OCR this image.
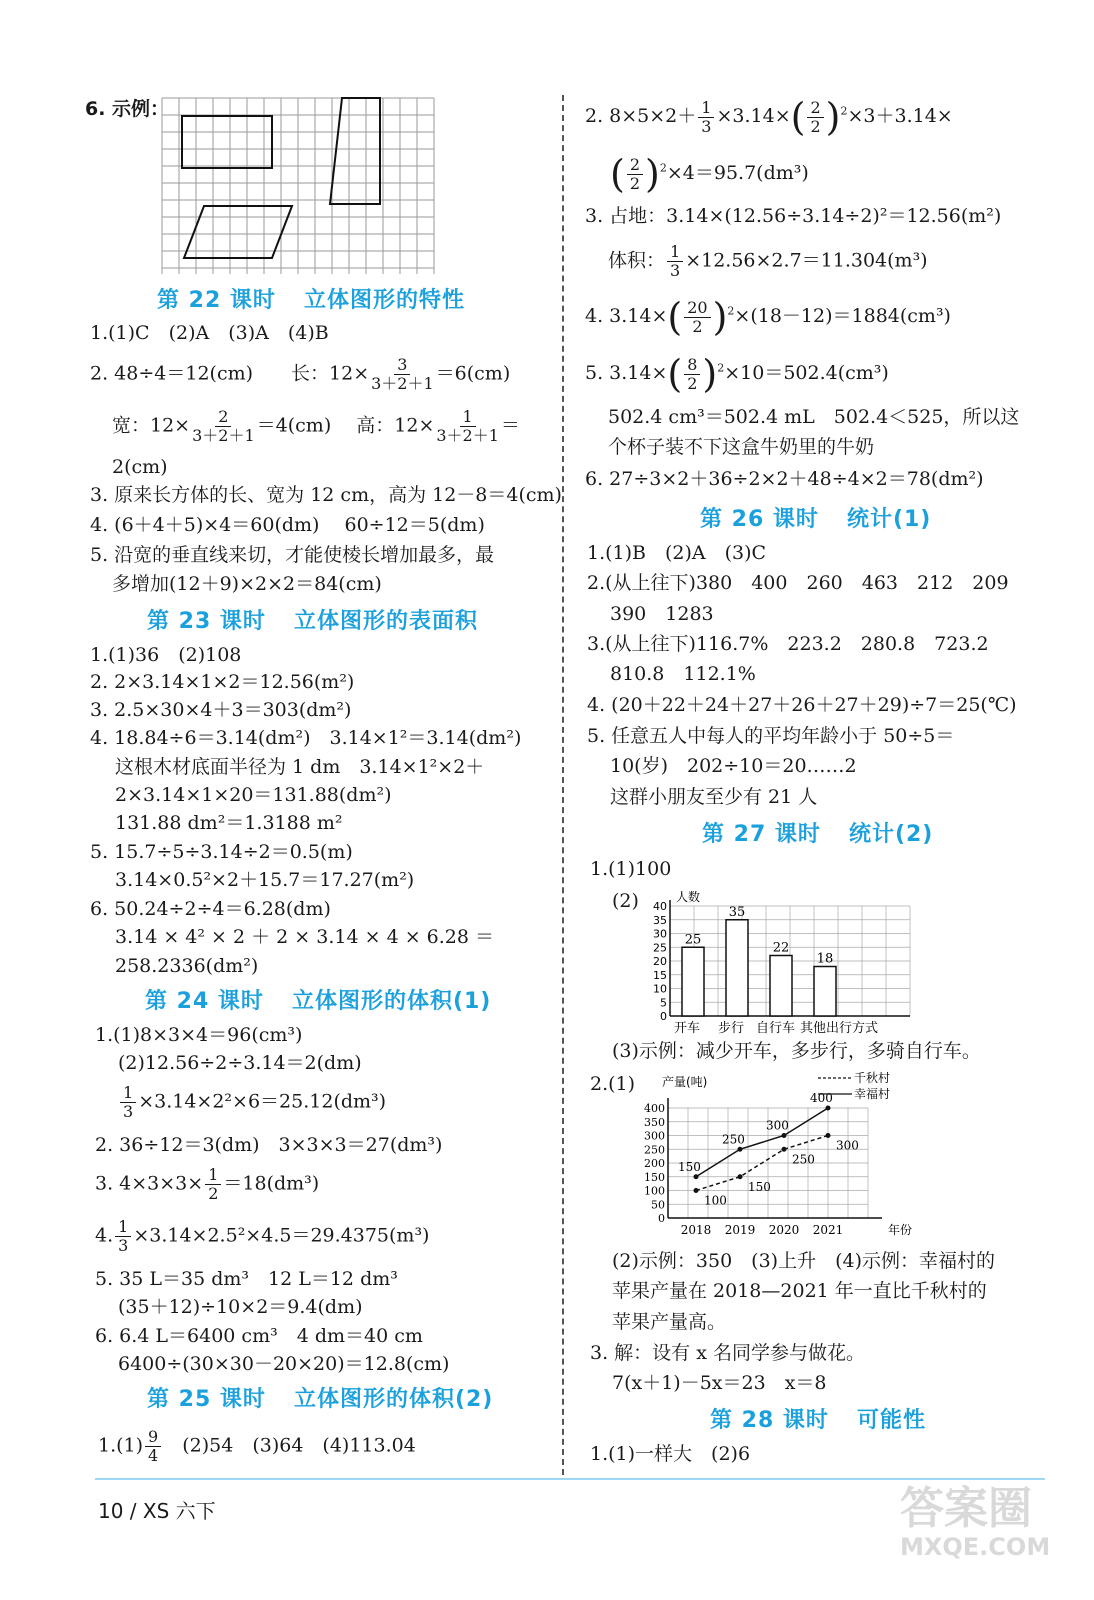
6. 示例：
第 22 课时 立体图形的特性
1.(1)C　(2)A　(3)A　(4)B
2. 48÷4＝12(cm)　　长：$12\times \frac{3}{3+2+1} =6(cm)$
宽：$12\times \frac{2}{3+2+1} =4(cm)$　 高：$12\times \frac{1}{3+2+1}$ ＝
2(cm)
3. 原来长方体的长、宽为 12 cm，高为 12－8＝4(cm)
4. (6＋4＋5)×4＝60(dm)　 60÷12＝5(dm)
5. 沿宽的垂直线来切，才能使棱长增加最多，最
多增加(12＋9)×2×2＝84(cm)
第 23 课时 立体图形的表面积
1.(1)36　(2)108
2. 2×3.14×1×2＝12.56(m²)
3. 2.5×30×4＋3＝303(dm²)
4. 18.84÷6＝3.14(dm²)　3.14×1²＝3.14(dm²)
这根木材底面半径为 1 dm　3.14×1²×2＋
2×3.14×1×20＝131.88(dm²)
131.88 dm²＝1.3188 m²
5. 15.7÷5÷3.14÷2＝0.5(m)
3.14×0.5²×2＋15.7＝17.27(m²)
6. 50.24÷2÷4＝6.28(dm)
3.14 × 4² × 2 ＋ 2 × 3.14 × 4 × 6.28 ＝
258.2336(dm²)
第 24 课时 立体图形的体积(1)
1.(1)8×3×4＝96(cm³)
(2)12.56÷2÷3.14＝2(dm)
$\frac{1}{3} \times 3.14\times 2^2\times 6=25.12(dm^3)$
2. 36÷12＝3(dm)　3×3×3＝27(dm³)
3. $4\times 3\times 3\times \frac{1}{2} =18(dm^3)$
4. $\frac{1}{3} \times 3.14\times 2.5^2\times 4.5=29.4375(m^3)$
5. 35 L＝35 dm³　12 L＝12 dm³
(35＋12)÷10×2＝9.4(dm)
6. 6.4 L＝6400 cm³　4 dm＝40 cm
6400÷(30×30－20×20)＝12.8(cm)
第 25 课时 立体图形的体积(2)
$1.(1) \frac{9}{4}$
　 (2)54　(3)64　(4)113.04
2. $8\times 5\times 2+ \frac{1}{3} \times 3.14\times( \frac{2}{2} )^2\times 3+3.14\times$
( $\frac{2}{2} )^2\times 4=95.7(dm^3)$
3. 占地：3.14×(12.56÷3.14÷2)²＝12.56(m²)
体积： $\frac{1}{3} \times 12.56\times 2.7=11.304(m^3)$
4. $3.14\times( \frac{20}{2} )^2\times(18-12)=1884(cm^3)$
5. $3.14\times( \frac{8}{2} )^2\times 10=502.4(cm^3)$
502.4 cm³＝502.4 mL　502.4＜525，所以这
个杯子装不下这盒牛奶里的牛奶
6. 27÷3×2＋36÷2×2＋48÷4×2＝78(dm²)
第 26 课时 统计(1)
1.(1)B　(2)A　(3)C
2.(从上往下)380　400　260　463　212　209
390　1283
3.(从上往下)116.7%　223.2　280.8　723.2
810.8　112.1%
4. (20＋22＋24＋27＋26＋27＋29)÷7＝25(℃)
5. 任意五人中每人的平均年龄小于 50÷5＝
10(岁)　202÷10＝20……2
这群小朋友至少有 21 人
第 27 课时 统计(2)
1.(1)100
(2)	人数
0
5
10
15
20
25
30
35
40
25
35
22
18
开车 步行 自行车 其他出行方式
(3)示例：减少开车，多步行，多骑自行车。
2.(1) 产量(吨)
0
50
100
150
200
250
300
350
400
2018 2019 2020 2021	年份
100
150
250
300
千秋村
150
250
300
400 幸福村
(2)示例：350　(3)上升　(4)示例：幸福村的
苹果产量在 2018—2021 年一直比千秋村的
苹果产量高。
3. 解：设有 x 名同学参与做花。
7(x＋1)－5x＝23　x＝8
第 28 课时 可能性
1.(1)一样大　(2)6
10 / XS 六下	答案圈
MXQE.COM
